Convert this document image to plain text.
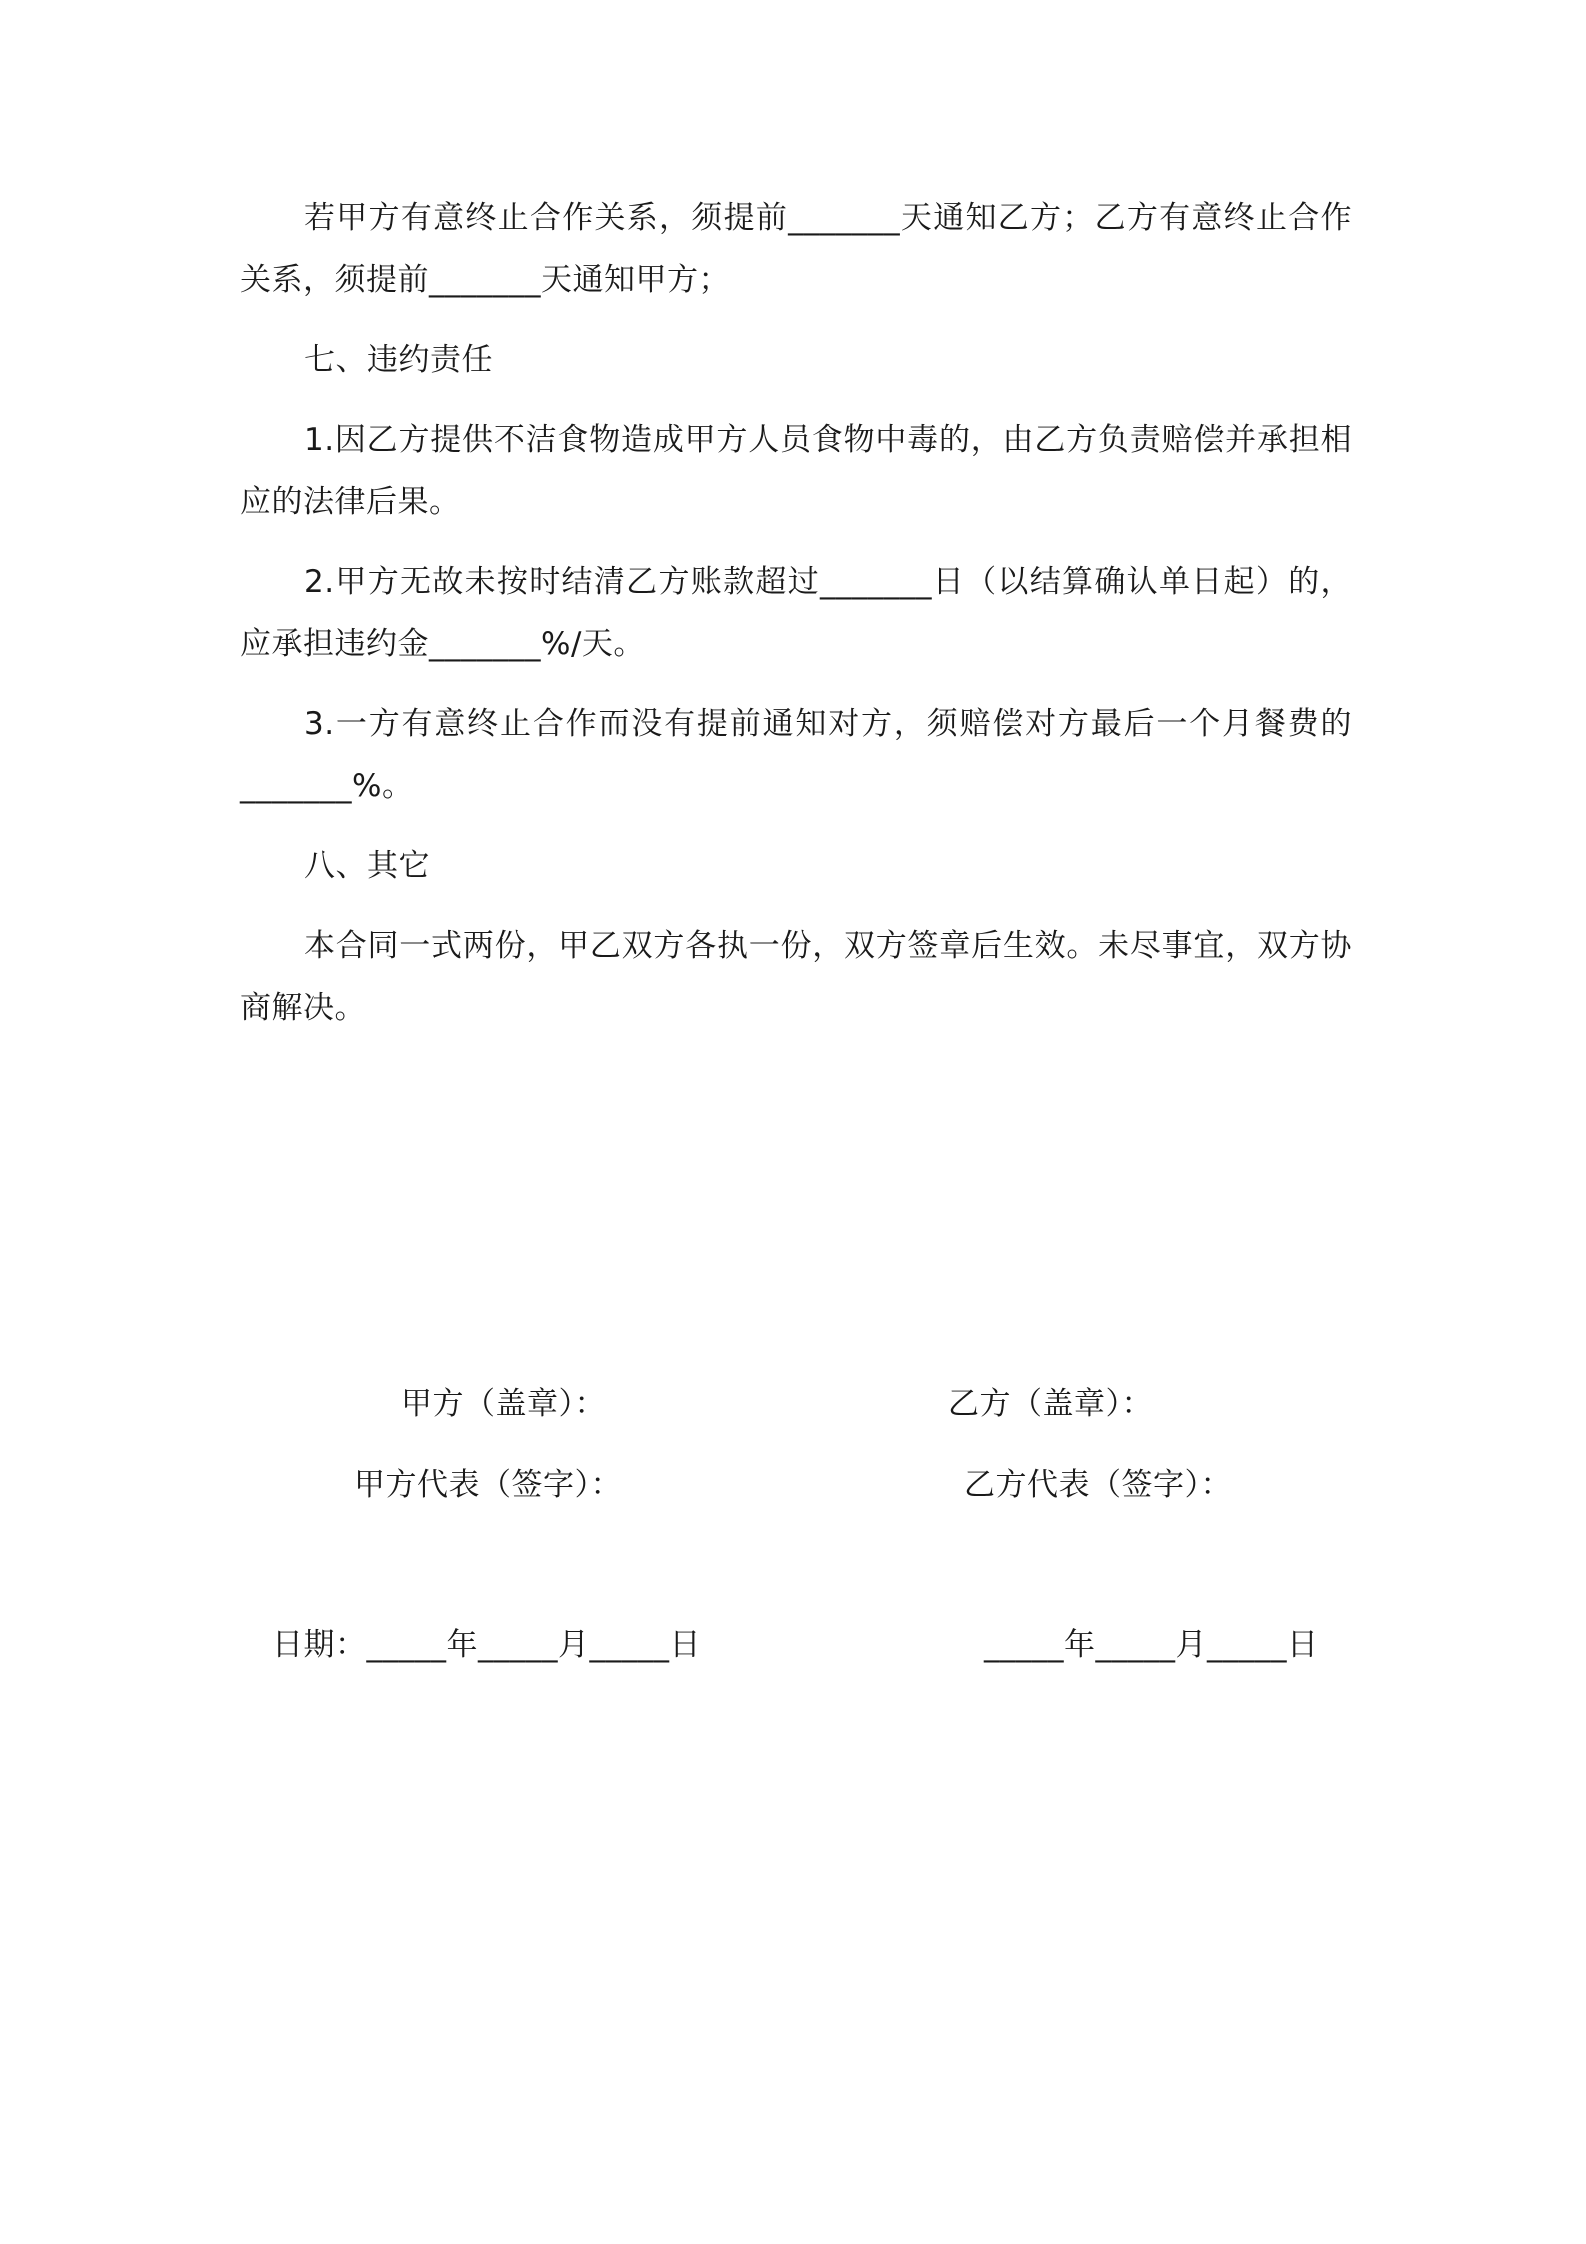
若甲方有意终止合作关系，须提前_______天通知乙方；乙方有意终止合作关系，须提前_______天通知甲方；

七、违约责任

1.因乙方提供不洁食物造成甲方人员食物中毒的，由乙方负责赔偿并承担相应的法律后果。

2.甲方无故未按时结清乙方账款超过_______日（以结算确认单日起）的，应承担违约金_______%/天。

3.一方有意终止合作而没有提前通知对方，须赔偿对方最后一个月餐费的_______%。

八、其它

本合同一式两份，甲乙双方各执一份，双方签章后生效。未尽事宜，双方协商解决。

甲方（盖章）：	乙方（盖章）：
甲方代表（签字）：	乙方代表（签字）：
日期：_____年_____月_____日	_____年_____月_____日
